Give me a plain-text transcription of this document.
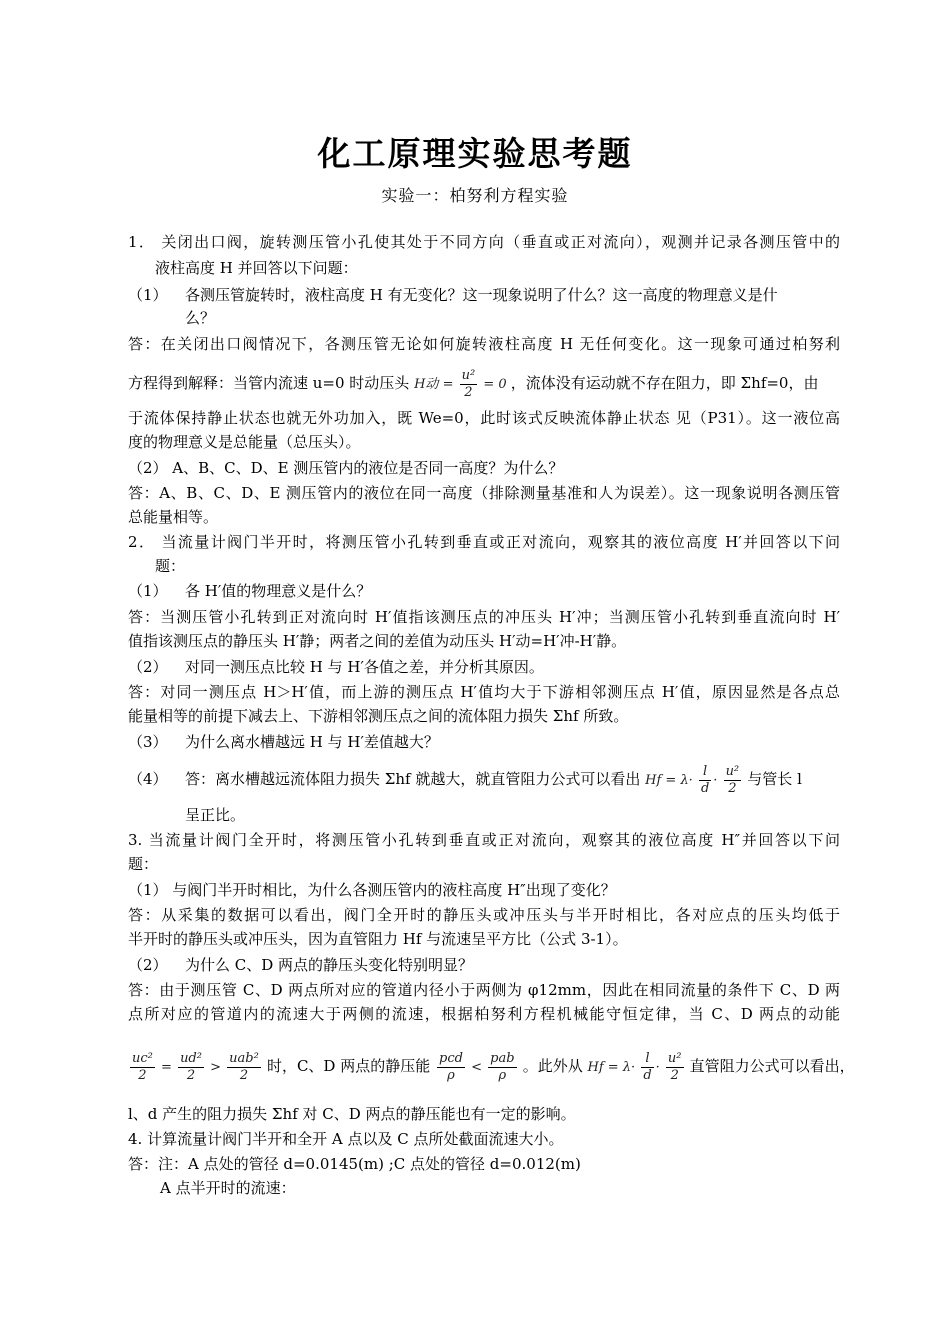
化工原理实验思考题
实验一：柏努利方程实验
1． 关闭出口阀，旋转测压管小孔使其处于不同方向（垂直或正对流向），观测并记录各测压管中的
液柱高度 H 并回答以下问题：
（1） 各测压管旋转时，液柱高度 H 有无变化？这一现象说明了什么？这一高度的物理意义是什
么？
答：在关闭出口阀情况下，各测压管无论如何旋转液柱高度 H 无任何变化。这一现象可通过柏努利
方程得到解释：当管内流速 u=0 时动压头 H动 = $\frac{\text{u²}}{2} = 0$ ，流体没有运动就不存在阻力，即 Σhf=0，由
于流体保持静止状态也就无外功加入，既 We=0，此时该式反映流体静止状态 见（P31）。这一液位高
度的物理意义是总能量（总压头）。
（2） A、B、C、D、E 测压管内的液位是否同一高度？为什么？
答：A、B、C、D、E 测压管内的液位在同一高度（排除测量基准和人为误差）。这一现象说明各测压管
总能量相等。
2． 当流量计阀门半开时，将测压管小孔转到垂直或正对流向，观察其的液位高度 H′并回答以下问
题：
（1） 各 H′值的物理意义是什么？
答：当测压管小孔转到正对流向时 H′值指该测压点的冲压头 H′冲；当测压管小孔转到垂直流向时 H′
值指该测压点的静压头 H′静；两者之间的差值为动压头 H′动=H′冲-H′静。
（2） 对同一测压点比较 H 与 H′各值之差，并分析其原因。
答：对同一测压点 H＞H′值，而上游的测压点 H′值均大于下游相邻测压点 H′值，原因显然是各点总
能量相等的前提下减去上、下游相邻测压点之间的流体阻力损失 Σhf 所致。
（3） 为什么离水槽越远 H 与 H′差值越大？
（4） 答：离水槽越远流体阻力损失 Σhf 就越大，就直管阻力公式可以看出 $Hf = \lambda\cdot \frac{l}{d} \cdot \frac{\text{u²}}{2}$ 与管长 l
呈正比。
3. 当流量计阀门全开时，将测压管小孔转到垂直或正对流向，观察其的液位高度 H″并回答以下问
题：
（1） 与阀门半开时相比，为什么各测压管内的液柱高度 H″出现了变化？
答：从采集的数据可以看出，阀门全开时的静压头或冲压头与半开时相比，各对应点的压头均低于
半开时的静压头或冲压头，因为直管阻力 Hf 与流速呈平方比（公式 3-1）。
（2） 为什么 C、D 两点的静压头变化特别明显？
答：由于测压管 C、D 两点所对应的管道内径小于两侧为 φ12mm，因此在相同流量的条件下 C、D 两
点所对应的管道内的流速大于两侧的流速，根据柏努利方程机械能守恒定律，当 C、D 两点的动能
$\frac{\text{uc²}}{2} = \frac{\text{ud²}}{2} > \frac{\text{uab²}}{2}$ 时，C、D 两点的静压能 $\frac{\text{pcd}}{\rho} < \frac{\text{pab}}{\rho}$ 。此外从 $Hf = \lambda\cdot \frac{l}{d} \cdot \frac{\text{u²}}{2}$ 直管阻力公式可以看出，
l、d 产生的阻力损失 Σhf 对 C、D 两点的静压能也有一定的影响。
4. 计算流量计阀门半开和全开 A 点以及 C 点所处截面流速大小。
答：注：A 点处的管径 d=0.0145(m) ;C 点处的管径 d=0.012(m)
A 点半开时的流速：
